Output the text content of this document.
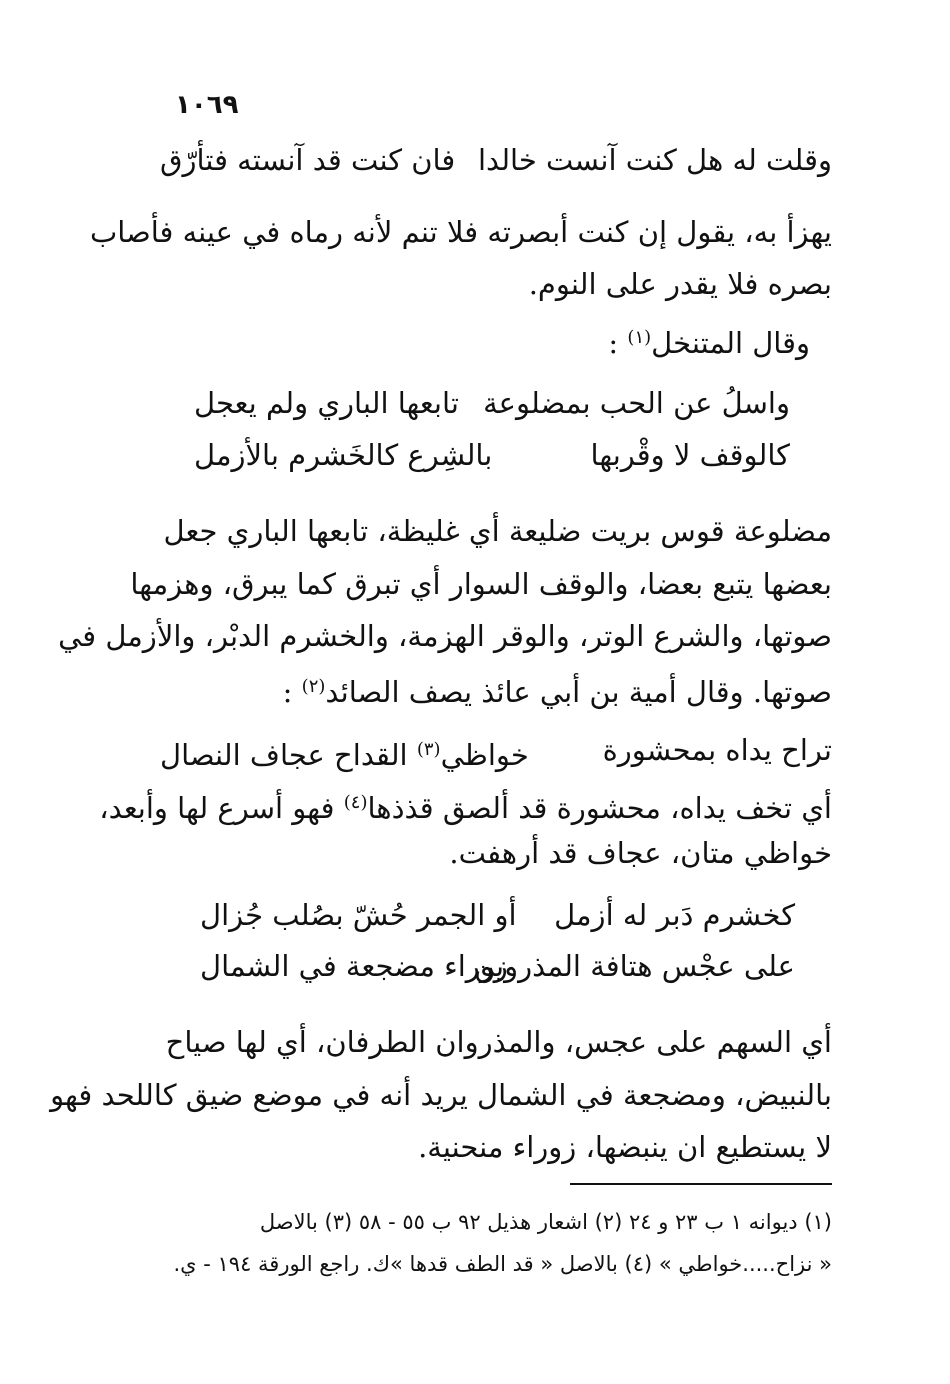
١٠٦٩
وقلت له هل كنت آنست خالدا
فان كنت قد آنسته فتأرّق
يهزأ به، يقول إن كنت أبصرته فلا تنم لأنه رماه في عينه فأصاب
بصره فلا يقدر على النوم.
وقال المتنخل$^{(١)}$ :
واسلُ عن الحب بمضلوعة
تابعها الباري ولم يعجل
كالوقف لا وقْربها
بالشِرع كالخَشرم بالأزمل
مضلوعة قوس بريت ضليعة أي غليظة، تابعها الباري جعل
بعضها يتبع بعضا، والوقف السوار أي تبرق كما يبرق، وهزمها
صوتها، والشرع الوتر، والوقر الهزمة، والخشرم الدبْر، والأزمل في
صوتها. وقال أمية بن أبي عائذ يصف الصائد$^{(٢)}$ :
تراح يداه بمحشورة
خواظي$^{(٣)}$ القداح عجاف النصال
أي تخف يداه، محشورة قد ألصق قذذها$^{(٤)}$ فهو أسرع لها وأبعد،
خواظي متان، عجاف قد أرهفت.
كخشرم دَبر له أزمل
أو الجمر حُشّ بصُلب جُزال
على عجْس هتافة المذروين
زوراء مضجعة في الشمال
أي السهم على عجس، والمذروان الطرفان، أي لها صياح
بالنبيض، ومضجعة في الشمال يريد أنه في موضع ضيق كاللحد فهو
لا يستطيع ان ينبضها، زوراء منحنية.
(١) ديوانه ١ ب ٢٣ و ٢٤ (٢) اشعار هذيل ٩٢ ب ٥٥ - ٥٨ (٣) بالاصل
« نزاح.....خواطي » (٤) بالاصل « قد الطف قدها »ك. راجع الورقة ١٩٤ - ي.
